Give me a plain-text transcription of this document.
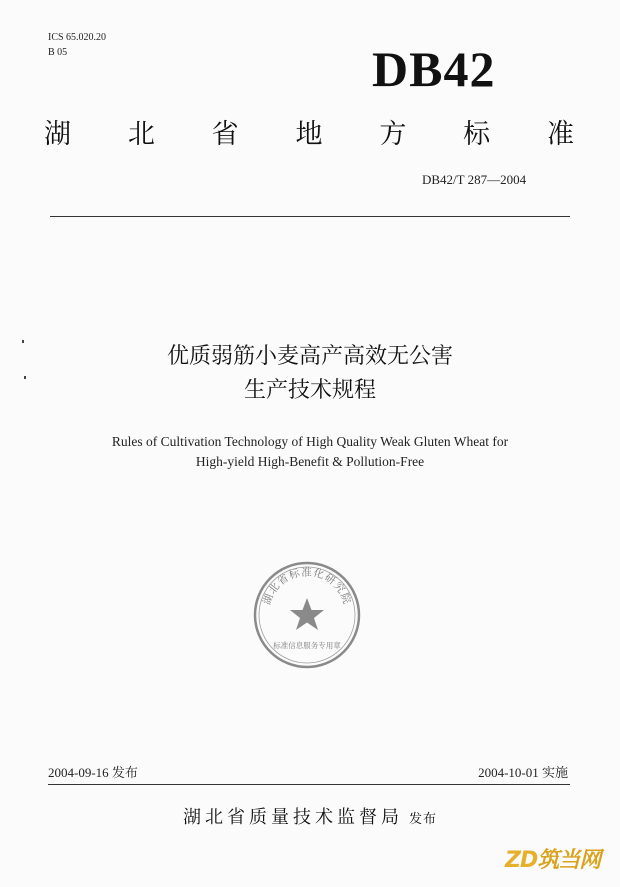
ICS 65.020.20
B 05	DB42
湖 北 省 地 方 标 准
DB42/T 287—2004
优质弱筋小麦高产高效无公害
生产技术规程
Rules of Cultivation Technology of High Quality Weak Gluten Wheat for
High-yield High-Benefit & Pollution-Free
湖北省标准化研究院
标准信息服务专用章
2004-09-16 发布	2004-10-01 实施
湖北省质量技术监督局 发布
ZD筑当网
